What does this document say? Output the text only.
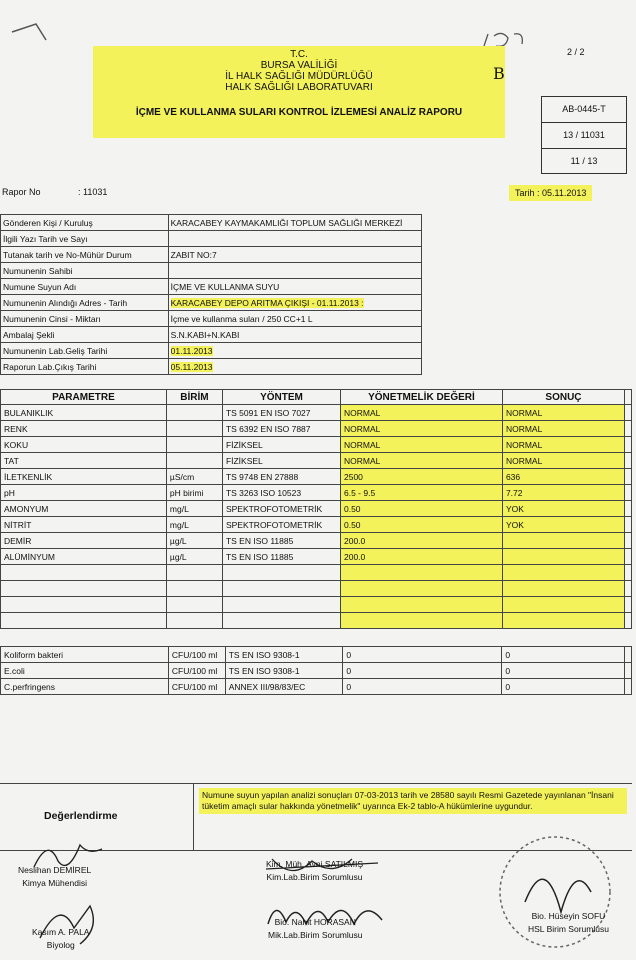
2 / 2
T.C.
BURSA VALİLİĞİ
İL HALK SAĞLIĞI MÜDÜRLÜĞÜ
HALK SAĞLIĞI LABORATUVARI
İÇME VE KULLANMA SULARI KONTROL İZLEMESİ ANALİZ RAPORU
B
AB-0445-T
13 / 11031
11 / 13
Rapor No	: 11031	Tarih : 05.11.2013
Gönderen Kişi / Kuruluş	KARACABEY KAYMAKAMLIĞI TOPLUM SAĞLIĞI MERKEZİ
İlgili Yazı Tarih ve Sayı	
Tutanak tarih ve No-Mühür Durum	ZABIT NO:7
Numunenin Sahibi	
Numune Suyun Adı	İÇME VE KULLANMA SUYU
Numunenin Alındığı Adres - Tarih	KARACABEY DEPO ARITMA ÇIKIŞI - 01.11.2013 :
Numunenin Cinsi - Miktarı	İçme ve kullanma suları / 250 CC+1 L
Ambalaj Şekli	S.N.KABI+N.KABI
Numunenin Lab.Geliş Tarihi	01.11.2013
Raporun Lab.Çıkış Tarihi	05.11.2013
PARAMETRE	BİRİM	YÖNTEM	YÖNETMELİK DEĞERİ	SONUÇ	
BULANIKLIK		TS 5091 EN ISO 7027	NORMAL	NORMAL	
RENK		TS 6392 EN ISO 7887	NORMAL	NORMAL	
KOKU		FİZİKSEL	NORMAL	NORMAL	
TAT		FİZİKSEL	NORMAL	NORMAL	
İLETKENLİK	µS/cm	TS 9748 EN 27888	2500	636	
pH	pH birimi	TS 3263 ISO 10523	6.5 - 9.5	7.72	
AMONYUM	mg/L	SPEKTROFOTOMETRİK	0.50	YOK	
NİTRİT	mg/L	SPEKTROFOTOMETRİK	0.50	YOK	
DEMİR	µg/L	TS EN ISO 11885	200.0		
ALÜMİNYUM	µg/L	TS EN ISO 11885	200.0		

Koliform bakteri	CFU/100 ml	TS EN ISO 9308-1	0	0	
E.coli	CFU/100 ml	TS EN ISO 9308-1	0	0	
C.perfringens	CFU/100 ml	ANNEX III/98/83/EC	0	0	
Değerlendirme
Numune suyun yapılan analizi sonuçları 07-03-2013 tarih ve 28580 sayılı Resmi Gazetede yayınlanan "İnsani tüketim amaçlı sular hakkında yönetmelik" uyarınca Ek-2 tablo-A hükümlerine uygundur.
Neslihan DEMİREL
Kimya Mühendisi
Kim. Müh. Avni SATILMIŞ
Kim.Lab.Birim Sorumlusu
Kasım A. PALA
Biyolog
Bio. Nahit HORASAN
Mik.Lab.Birim Sorumlusu
Bio. Hüseyin SOFU
HSL Birim Sorumlusu
